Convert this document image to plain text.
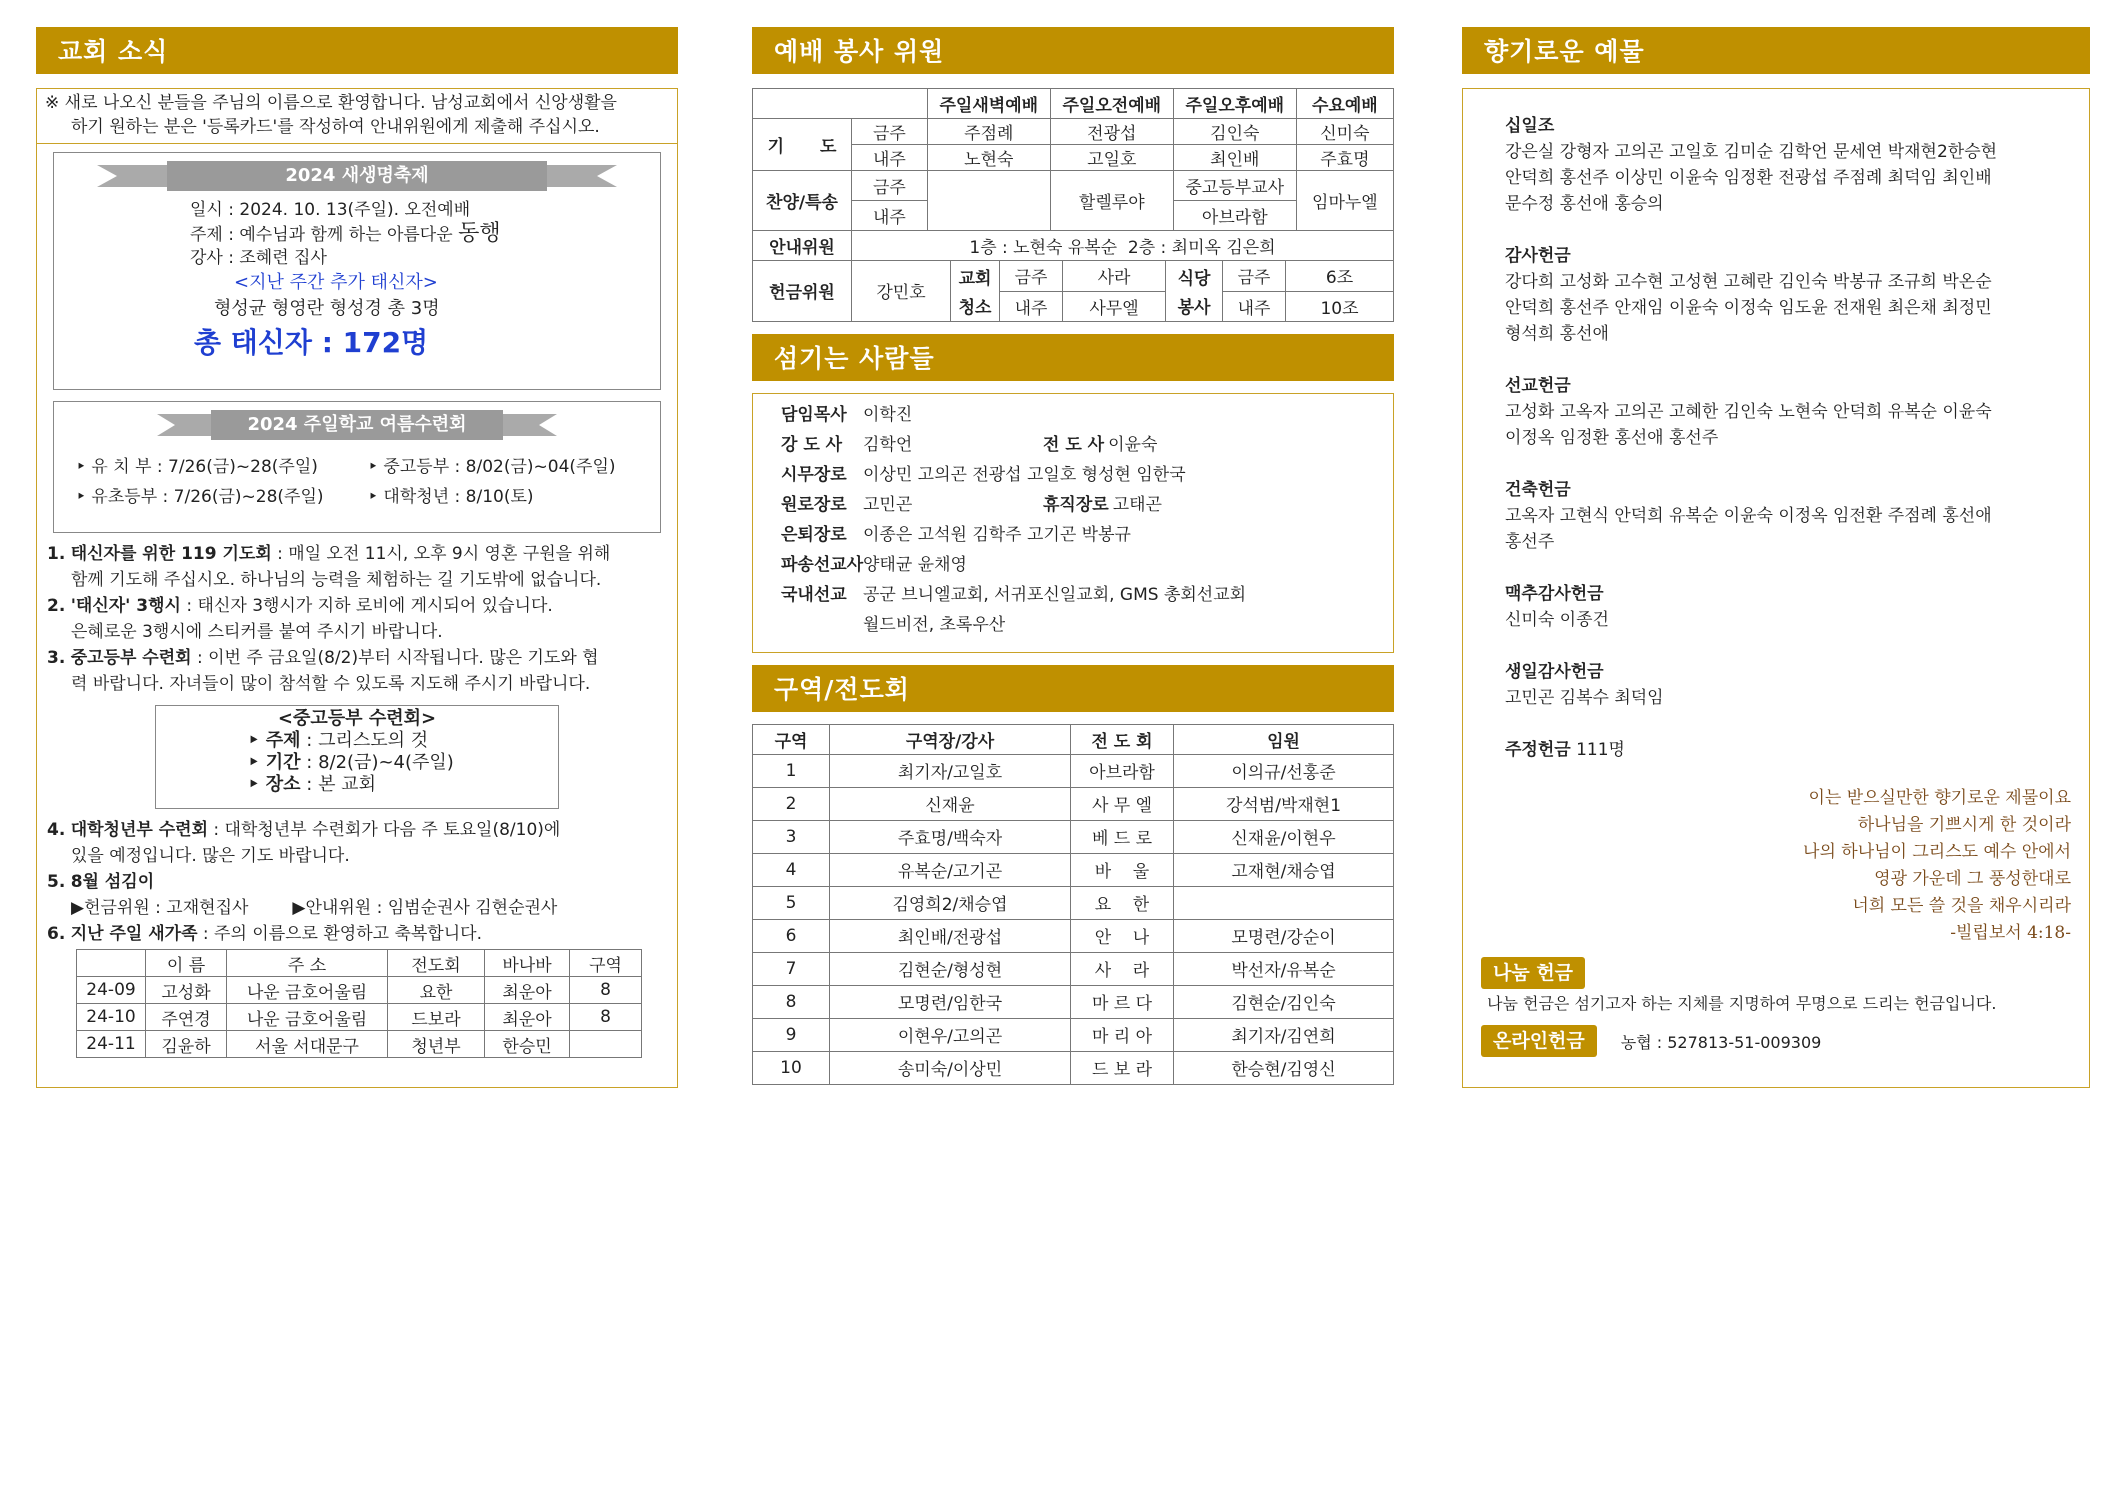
교회 소식
※ 새로 나오신 분들을 주님의 이름으로 환영합니다. 남성교회에서 신앙생활을
하기 원하는 분은 '등록카드'를 작성하여 안내위원에게 제출해 주십시오.
2024 새생명축제
일시 : 2024. 10. 13(주일). 오전예배
주제 : 예수님과 함께 하는 아름다운 동행
강사 : 조혜련 집사
<지난 주간 추가 태신자>
형성균 형영란 형성경 총 3명
총 태신자 : 172명
2024 주일학교 여름수련회
‣ 유 치 부 : 7/26(금)~28(주일)	‣ 중고등부 : 8/02(금)~04(주일)
‣ 유초등부 : 7/26(금)~28(주일)	‣ 대학청년 : 8/10(토)
1. 태신자를 위한 119 기도회 : 매일 오전 11시, 오후 9시 영혼 구원을 위해
함께 기도해 주십시오. 하나님의 능력을 체험하는 길 기도밖에 없습니다.
2. '태신자' 3행시 : 태신자 3행시가 지하 로비에 게시되어 있습니다.
은혜로운 3행시에 스티커를 붙여 주시기 바랍니다.
3. 중고등부 수련회 : 이번 주 금요일(8/2)부터 시작됩니다. 많은 기도와 협
력 바랍니다. 자녀들이 많이 참석할 수 있도록 지도해 주시기 바랍니다.
<중고등부 수련회>
‣ 주제 : 그리스도의 것
‣ 기간 : 8/2(금)~4(주일)
‣ 장소 : 본 교회
4. 대학청년부 수련회 : 대학청년부 수련회가 다음 주 토요일(8/10)에
있을 예정입니다. 많은 기도 바랍니다.
5. 8월 섬김이
▶헌금위원 : 고재현집사	▶안내위원 : 임범순권사 김현순권사
6. 지난 주일 새가족 : 주의 이름으로 환영하고 축복합니다.
	이 름	주 소	전도회	바나바	구역
24-09	고성화	나운 금호어울림	요한	최운아	8
24-10	주연경	나운 금호어울림	드보라	최운아	8
24-11	김윤하	서울 서대문구	청년부	한승민	
예배 봉사 위원
		주일새벽예배	주일오전예배	주일오후예배	수요예배
기 도	금주	주점례	전광섭	김인숙	신미숙
	내주	노현숙	고일호	최인배	주효명
찬양/특송	금주		할렐루야	중고등부교사	임마누엘
	내주			아브라함	
안내위원	1층 : 노현숙 유복순  2층 : 최미옥 김은희				
헌금위원	강민호	교회	금주	사라	식당	금주	6조
		청소	내주	사무엘	봉사	내주	10조
섬기는 사람들
담임목사 이학진
강 도 사	김학언	전 도 사 이윤숙
시무장로 이상민 고의곤 전광섭 고일호 형성현 임한국
원로장로 고민곤	휴직장로 고태곤
은퇴장로 이종은 고석원 김학주 고기곤 박봉규
파송선교사 양태균 윤채영
국내선교 공군 브니엘교회, 서귀포신일교회, GMS 총회선교회
월드비전, 초록우산
구역/전도회
구역	구역장/강사	전 도 회	임원
1	최기자/고일호	아브라함	이의규/선홍준
2	신재윤	사 무 엘	강석범/박재현1
3	주효명/백숙자	베 드 로	신재윤/이현우
4	유복순/고기곤	바    울	고재현/채승엽
5	김영희2/채승엽	요    한	
6	최인배/전광섭	안    나	모명련/강순이
7	김현순/형성현	사    라	박선자/유복순
8	모명련/임한국	마 르 다	김현순/김인숙
9	이현우/고의곤	마 리 아	최기자/김연희
10	송미숙/이상민	드 보 라	한승현/김영신
향기로운 예물
십일조

강은실 강형자 고의곤 고일호 김미순 김학언 문세연 박재현2한승현

안덕희 홍선주 이상민 이윤숙 임정환 전광섭 주점례 최덕임 최인배

문수정 홍선애 홍승의

감사헌금

강다희 고성화 고수현 고성현 고혜란 김인숙 박봉규 조규희 박온순

안덕희 홍선주 안재임 이윤숙 이정숙 임도윤 전재원 최은채 최정민

형석희 홍선애

선교헌금

고성화 고옥자 고의곤 고혜한 김인숙 노현숙 안덕희 유복순 이윤숙

이정옥 임정환 홍선애 홍선주

건축헌금

고옥자 고현식 안덕희 유복순 이윤숙 이정옥 임전환 주점례 홍선애

홍선주

맥추감사헌금

신미숙 이종건

생일감사헌금

고민곤 김복수 최덕임

주정헌금 111명
이는 받으실만한 향기로운 제물이요
하나님을 기쁘시게 한 것이라
나의 하나님이 그리스도 예수 안에서
영광 가운데 그 풍성한대로
너희 모든 쓸 것을 채우시리라
-빌립보서 4:18-
나눔 헌금
나눔 헌금은 섬기고자 하는 지체를 지명하여 무명으로 드리는 헌금입니다.
온라인헌금	농협 : 527813-51-009309
